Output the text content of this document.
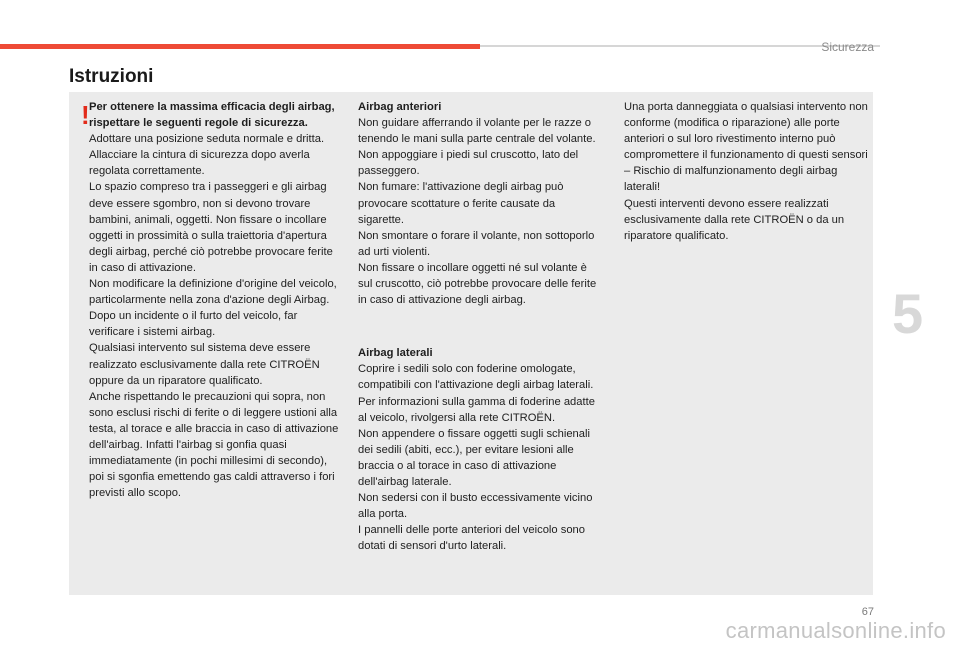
Sicurezza
Istruzioni
! Per ottenere la massima efficacia degli airbag, rispettare le seguenti regole di sicurezza.

Adottare una posizione seduta normale e dritta.

Allacciare la cintura di sicurezza dopo averla regolata correttamente.

Lo spazio compreso tra i passeggeri e gli airbag deve essere sgombro, non si devono trovare bambini, animali, oggetti. Non fissare o incollare oggetti in prossimità o sulla traiettoria d'apertura degli airbag, perché ciò potrebbe provocare ferite in caso di attivazione.

Non modificare la definizione d'origine del veicolo, particolarmente nella zona d'azione degli Airbag.

Dopo un incidente o il furto del veicolo, far verificare i sistemi airbag.

Qualsiasi intervento sul sistema deve essere realizzato esclusivamente dalla rete CITROËN oppure da un riparatore qualificato.

Anche rispettando le precauzioni qui sopra, non sono esclusi rischi di ferite o di leggere ustioni alla testa, al torace e alle braccia in caso di attivazione dell'airbag. Infatti l'airbag si gonfia quasi immediatamente (in pochi millesimi di secondo), poi si sgonfia emettendo gas caldi attraverso i fori previsti allo scopo.

Airbag anteriori

Non guidare afferrando il volante per le razze o tenendo le mani sulla parte centrale del volante.

Non appoggiare i piedi sul cruscotto, lato del passeggero.

Non fumare: l'attivazione degli airbag può provocare scottature o ferite causate da sigarette.

Non smontare o forare il volante, non sottoporlo ad urti violenti.

Non fissare o incollare oggetti né sul volante è sul cruscotto, ciò potrebbe provocare delle ferite in caso di attivazione degli airbag.

Airbag laterali

Coprire i sedili solo con foderine omologate, compatibili con l'attivazione degli airbag laterali. Per informazioni sulla gamma di foderine adatte al veicolo, rivolgersi alla rete CITROËN.

Non appendere o fissare oggetti sugli schienali dei sedili (abiti, ecc.), per evitare lesioni alle braccia o al torace in caso di attivazione dell'airbag laterale.

Non sedersi con il busto eccessivamente vicino alla porta.

I pannelli delle porte anteriori del veicolo sono dotati di sensori d'urto laterali.

Una porta danneggiata o qualsiasi intervento non conforme (modifica o riparazione) alle porte anteriori o sul loro rivestimento interno può compromettere il funzionamento di questi sensori – Rischio di malfunzionamento degli airbag laterali!

Questi interventi devono essere realizzati esclusivamente dalla rete CITROËN o da un riparatore qualificato.

5
67
carmanualsonline.info
